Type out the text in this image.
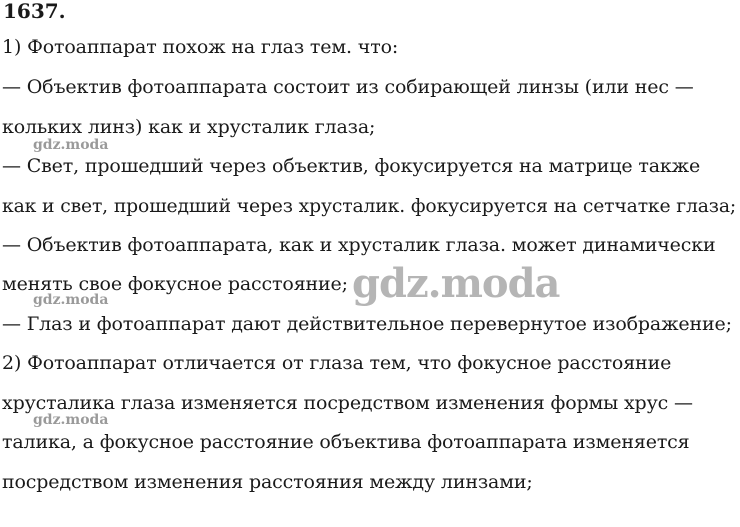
1637.
1) Фотоаппарат похож на глаз тем. что:
— Объектив фотоаппарата состоит из собирающей линзы (или нес —
кольких линз) как и хрусталик глаза;
— Свет, прошедший через объектив, фокусируется на матрице также
как и свет, прошедший через хрусталик. фокусируется на сетчатке глаза;
— Объектив фотоаппарата, как и хрусталик глаза. может динамически
менять свое фокусное расстояние;
— Глаз и фотоаппарат дают действительное перевернутое изображение;
2) Фотоаппарат отличается от глаза тем, что фокусное расстояние
хрусталика глаза изменяется посредством изменения формы хрус —
талика, а фокусное расстояние объектива фотоаппарата изменяется
посредством изменения расстояния между линзами;
gdz.moda
gdz.moda
gdz.moda
gdz.moda
